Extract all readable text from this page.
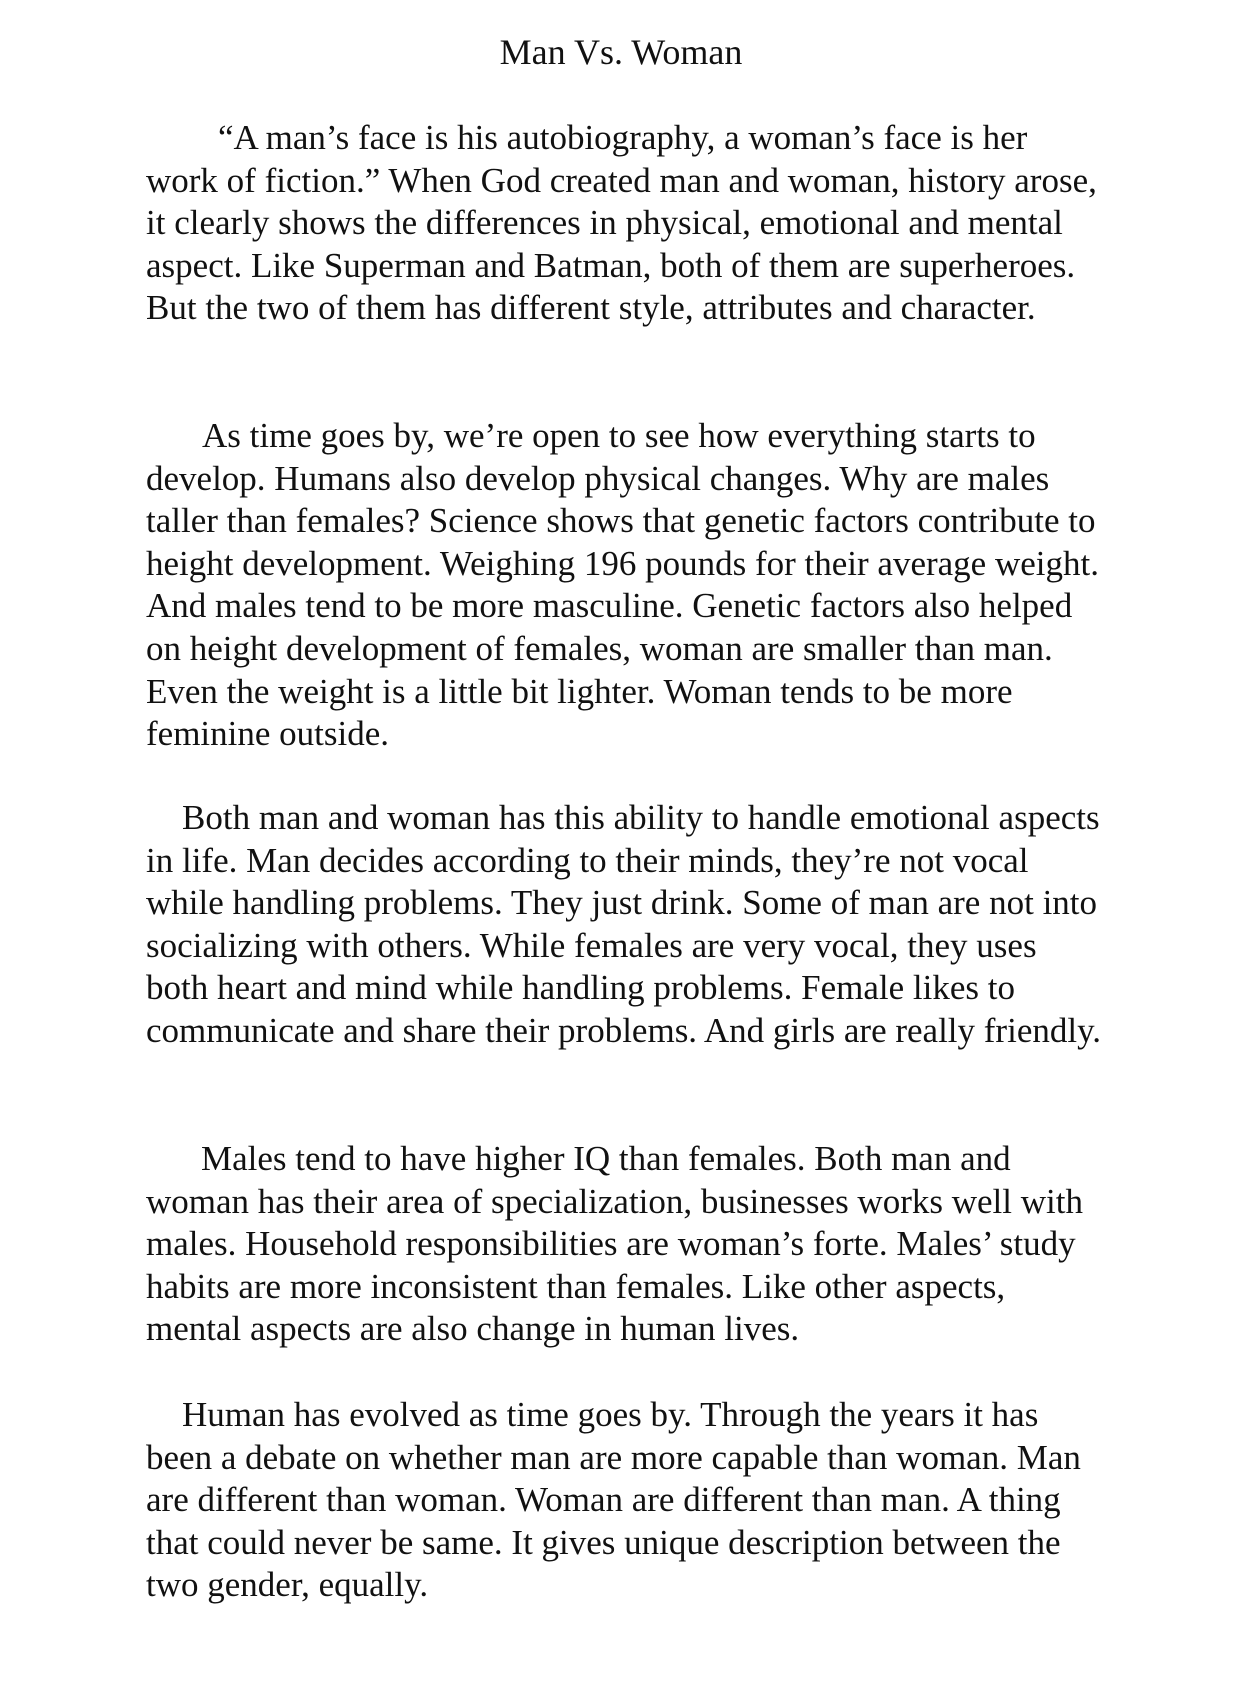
Man Vs. Woman
“A man’s face is his autobiography, a woman’s face is her work of fiction.” When God created man and woman, history arose, it clearly shows the differences in physical, emotional and mental aspect. Like Superman and Batman, both of them are superheroes. But the two of them has different style, attributes and character.
As time goes by, we’re open to see how everything starts to develop. Humans also develop physical changes. Why are males taller than females? Science shows that genetic factors contribute to height development. Weighing 196 pounds for their average weight. And males tend to be more masculine. Genetic factors also helped on height development of females, woman are smaller than man. Even the weight is a little bit lighter. Woman tends to be more feminine outside.
Both man and woman has this ability to handle emotional aspects in life. Man decides according to their minds, they’re not vocal while handling problems. They just drink. Some of man are not into socializing with others. While females are very vocal, they uses both heart and mind while handling problems. Female likes to communicate and share their problems. And girls are really friendly.
Males tend to have higher IQ than females. Both man and woman has their area of specialization, businesses works well with males. Household responsibilities are woman’s forte. Males’ study habits are more inconsistent than females. Like other aspects, mental aspects are also change in human lives.
Human has evolved as time goes by. Through the years it has been a debate on whether man are more capable than woman. Man are different than woman. Woman are different than man. A thing that could never be same. It gives unique description between the two gender, equally.
